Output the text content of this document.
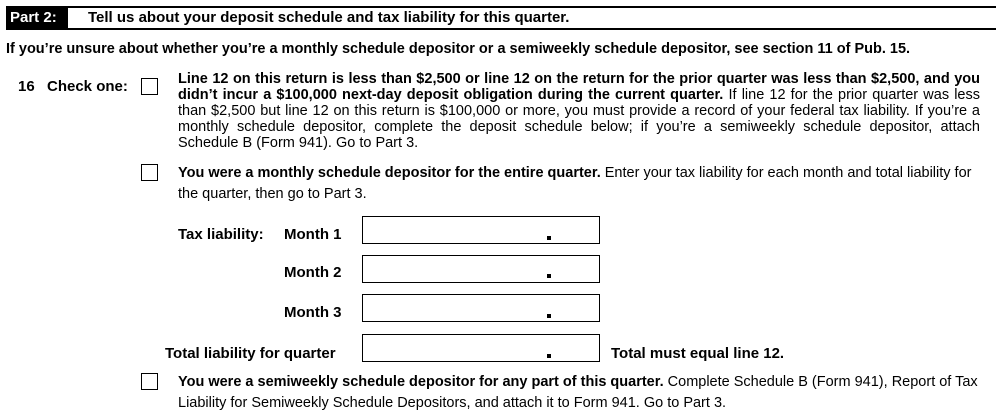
Part 2:	Tell us about your deposit schedule and tax liability for this quarter.
If you’re unsure about whether you’re a monthly schedule depositor or a semiweekly schedule depositor, see section 11 of Pub. 15.
16 Check one:	Line 12 on this return is less than $2,500 or line 12 on the return for the prior quarter was less than $2,500, and you didn’t incur a $100,000 next-day deposit obligation during the current quarter. If line 12 for the prior quarter was less than $2,500 but line 12 on this return is $100,000 or more, you must provide a record of your federal tax liability. If you’re a monthly schedule depositor, complete the deposit schedule below; if you’re a semiweekly schedule depositor, attach Schedule B (Form 941). Go to Part 3.
You were a monthly schedule depositor for the entire quarter. Enter your tax liability for each month and total liability for the quarter, then go to Part 3.
Tax liability: Month 1
Month 2
Month 3
Total liability for quarter	Total must equal line 12.
You were a semiweekly schedule depositor for any part of this quarter. Complete Schedule B (Form 941), Report of Tax Liability for Semiweekly Schedule Depositors, and attach it to Form 941. Go to Part 3.
